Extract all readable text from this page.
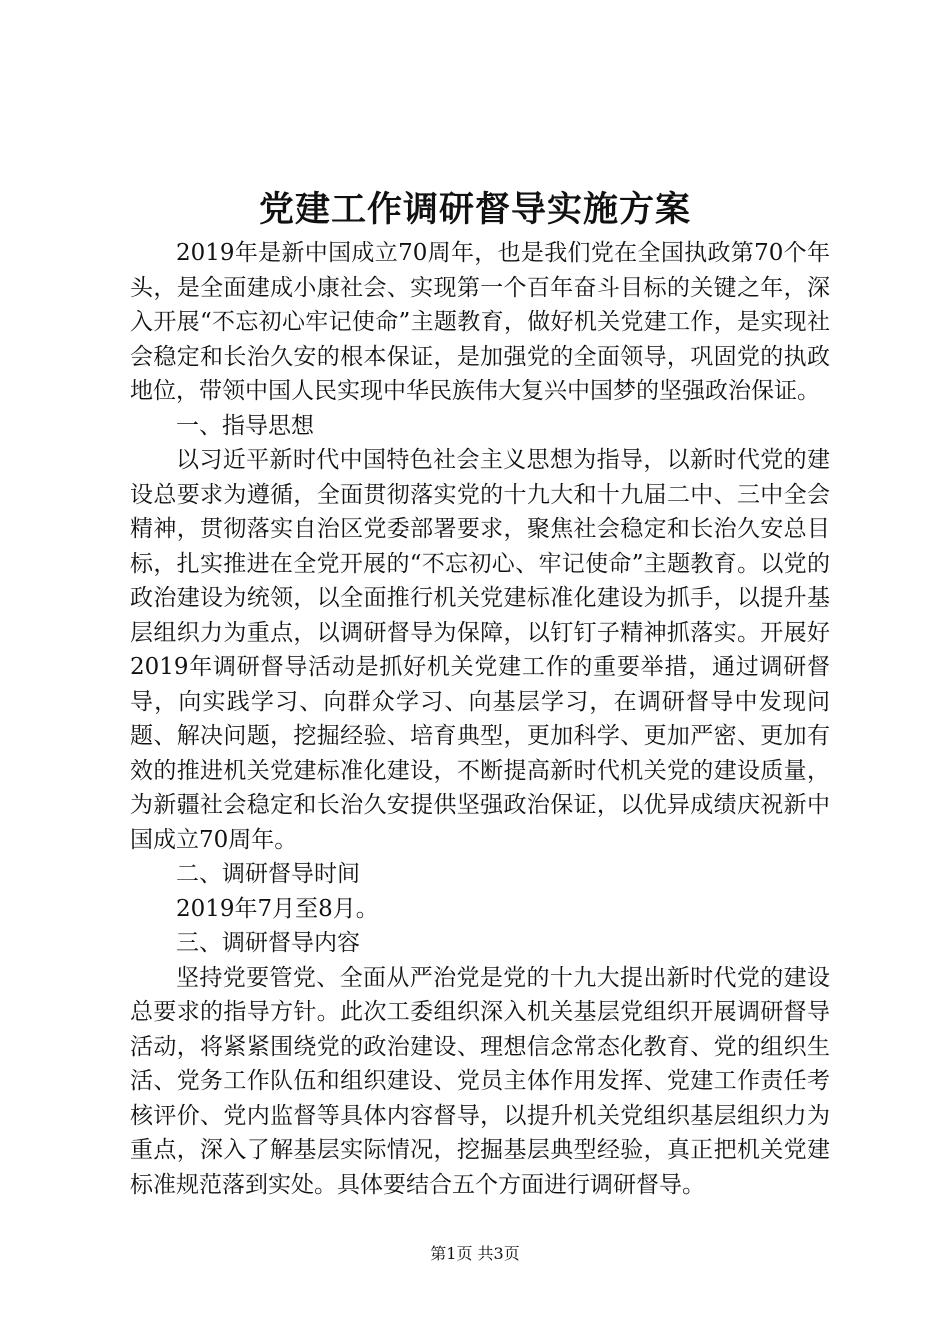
党建工作调研督导实施方案

2019年是新中国成立70周年，也是我们党在全国执政第70个年头，是全面建成小康社会、实现第一个百年奋斗目标的关键之年，深入开展“不忘初心牢记使命”主题教育，做好机关党建工作，是实现社会稳定和长治久安的根本保证，是加强党的全面领导，巩固党的执政地位，带领中国人民实现中华民族伟大复兴中国梦的坚强政治保证。

一、指导思想

以习近平新时代中国特色社会主义思想为指导，以新时代党的建设总要求为遵循，全面贯彻落实党的十九大和十九届二中、三中全会精神，贯彻落实自治区党委部署要求，聚焦社会稳定和长治久安总目标，扎实推进在全党开展的“不忘初心、牢记使命”主题教育。以党的政治建设为统领，以全面推行机关党建标准化建设为抓手，以提升基层组织力为重点，以调研督导为保障，以钉钉子精神抓落实。开展好2019年调研督导活动是抓好机关党建工作的重要举措，通过调研督导，向实践学习、向群众学习、向基层学习，在调研督导中发现问题、解决问题，挖掘经验、培育典型，更加科学、更加严密、更加有效的推进机关党建标准化建设，不断提高新时代机关党的建设质量，为新疆社会稳定和长治久安提供坚强政治保证，以优异成绩庆祝新中国成立70周年。

二、调研督导时间

2019年7月至8月。

三、调研督导内容

坚持党要管党、全面从严治党是党的十九大提出新时代党的建设总要求的指导方针。此次工委组织深入机关基层党组织开展调研督导活动，将紧紧围绕党的政治建设、理想信念常态化教育、党的组织生活、党务工作队伍和组织建设、党员主体作用发挥、党建工作责任考核评价、党内监督等具体内容督导，以提升机关党组织基层组织力为重点，深入了解基层实际情况，挖掘基层典型经验，真正把机关党建标准规范落到实处。具体要结合五个方面进行调研督导。

第1页 共3页
